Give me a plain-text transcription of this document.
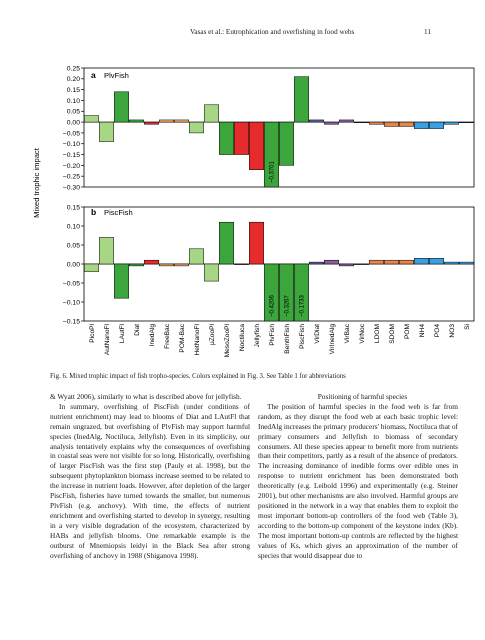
Vasas et al.: Eutrophication and overfishing in food webs	11
0.25
0.20
0.15
0.10
0.05
0.00
−0.05
−0.10
−0.15
−0.20
−0.25
−0.30
−0.3701
0.15
0.10
0.05
0.00
−0.05
−0.10
−0.15
−0.4206 −0.3267 −0.1733
PicoPl AutNanoFl LAutFl Diat InedAlg FreeBac POM-Bac HetNanoFl µZooPl MesoZooPl Noctiluca Jellyfish PlvFish BenthFish PiscFish VirDiat VirInedAlg VirBac VirNoc LDOM SDOM POM NH4 PO4 NO3 Si
Mixed trophic impact
a PlvFish
b PiscFish
Fig. 6. Mixed trophic impact of fish tropho-species. Colors explained in Fig. 3. See Table 1 for abbreviations

& Wyatt 2006), similarly to what is described above for jellyfish.

In summary, overfishing of PiscFish (under conditions of nutrient enrichment) may lead to blooms of Diat and LAutFl that remain ungrazed, but overfishing of PlvFish may support harmful species (InedAlg, Noctiluca, Jellyfish). Even in its simplicity, our analysis tentatively explains why the consequences of overfishing in coastal seas were not visible for so long. Historically, overfishing of larger PiscFish was the first step (Pauly et al. 1998), but the subsequent phytoplankton biomass increase seemed to be related to the increase in nutrient loads. However, after depletion of the larger PiscFish, fisheries have turned towards the smaller, but numerous PlvFish (e.g. anchovy). With time, the effects of nutrient enrichment and overfishing started to develop in synergy, resulting in a very visible degradation of the ecosystem, characterized by HABs and jellyfish blooms. One remarkable example is the outburst of Mnemiopsis leidyi in the Black Sea after strong overfishing of anchovy in 1988 (Shiganova 1998).

Positioning of harmful species

The position of harmful species in the food web is far from random, as they disrupt the food web at each basic trophic level: InedAlg increases the primary producers' biomass, Noctiluca that of primary consumers and Jellyfish to biomass of secondary consumers. All these species appear to benefit more from nutrients than their competitors, partly as a result of the absence of predators. The increasing dominance of inedible forms over edible ones in response to nutrient enrichment has been demonstrated both theoretically (e.g. Leibold 1996) and experimentally (e.g. Steiner 2001), but other mechanisms are also involved. Harmful groups are positioned in the network in a way that enables them to exploit the most important bottom-up controllers of the food web (Table 3), according to the bottom-up component of the keystone index (Kb). The most important bottom-up controls are reflected by the highest values of Ks, which gives an approximation of the number of species that would disappear due to
